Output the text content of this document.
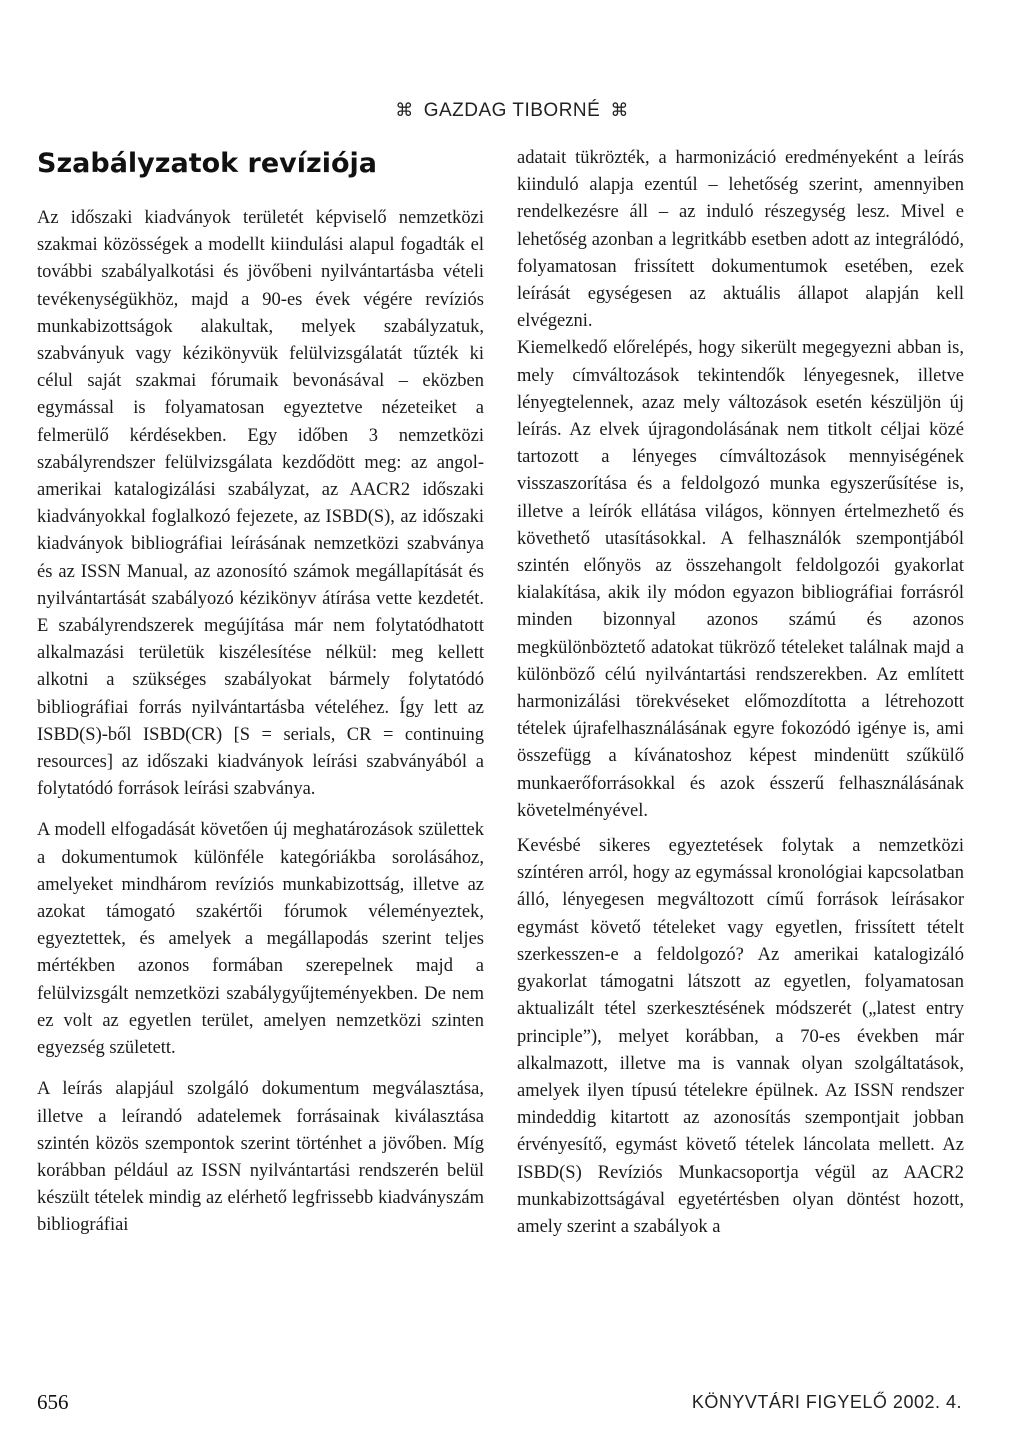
⌘ GAZDAG TIBORNÉ ⌘
Szabályzatok revíziója

Az időszaki kiadványok területét képviselő nemzetközi szakmai közösségek a modellt kiindulási alapul fogadták el további szabályalkotási és jövőbeni nyilvántartásba vételi tevékenységükhöz, majd a 90-es évek végére revíziós munkabizottságok alakultak, melyek szabályzatuk, szabványuk vagy kézikönyvük felülvizsgálatát tűzték ki célul saját szakmai fórumaik bevonásával – eközben egymással is folyamatosan egyeztetve nézeteiket a felmerülő kérdésekben. Egy időben 3 nemzetközi szabályrendszer felülvizsgálata kezdődött meg: az angol-amerikai katalogizálási szabályzat, az AACR2 időszaki kiadványokkal foglalkozó fejezete, az ISBD(S), az időszaki kiadványok bibliográfiai leírásának nemzetközi szabványa és az ISSN Manual, az azonosító számok megállapítását és nyilvántartását szabályozó kézikönyv átírása vette kezdetét. E szabályrendszerek megújítása már nem folytatódhatott alkalmazási területük kiszélesítése nélkül: meg kellett alkotni a szükséges szabályokat bármely folytatódó bibliográfiai forrás nyilvántartásba vételéhez. Így lett az ISBD(S)-ből ISBD(CR) [S = serials, CR = continuing resources] az időszaki kiadványok leírási szabványából a folytatódó források leírási szabványa.

A modell elfogadását követően új meghatározások születtek a dokumentumok különféle kategóriákba sorolásához, amelyeket mindhárom revíziós munkabizottság, illetve az azokat támogató szakértői fórumok véleményeztek, egyeztettek, és amelyek a megállapodás szerint teljes mértékben azonos formában szerepelnek majd a felülvizsgált nemzetközi szabálygyűjteményekben. De nem ez volt az egyetlen terület, amelyen nemzetközi szinten egyezség született.

A leírás alapjául szolgáló dokumentum megválasztása, illetve a leírandó adatelemek forrásainak kiválasztása szintén közös szempontok szerint történhet a jövőben. Míg korábban például az ISSN nyilvántartási rendszerén belül készült tételek mindig az elérhető legfrissebb kiadványszám bibliográfiai

adatait tükrözték, a harmonizáció eredményeként a leírás kiinduló alapja ezentúl – lehetőség szerint, amennyiben rendelkezésre áll – az induló részegység lesz. Mivel e lehetőség azonban a legritkább esetben adott az integrálódó, folyamatosan frissített dokumentumok esetében, ezek leírását egységesen az aktuális állapot alapján kell elvégezni.

Kiemelkedő előrelépés, hogy sikerült megegyezni abban is, mely címváltozások tekintendők lényegesnek, illetve lényegtelennek, azaz mely változások esetén készüljön új leírás. Az elvek újragondolásának nem titkolt céljai közé tartozott a lényeges címváltozások mennyiségének visszaszorítása és a feldolgozó munka egyszerűsítése is, illetve a leírók ellátása világos, könnyen értelmezhető és követhető utasításokkal. A felhasználók szempontjából szintén előnyös az összehangolt feldolgozói gyakorlat kialakítása, akik ily módon egyazon bibliográfiai forrásról minden bizonnyal azonos számú és azonos megkülönböztető adatokat tükröző tételeket találnak majd a különböző célú nyilvántartási rendszerekben. Az említett harmonizálási törekvéseket előmozdította a létrehozott tételek újrafelhasználásának egyre fokozódó igénye is, ami összefügg a kívánatoshoz képest mindenütt szűkülő munkaerőforrásokkal és azok ésszerű felhasználásának követelményével.

Kevésbé sikeres egyeztetések folytak a nemzetközi színtéren arról, hogy az egymással kronológiai kapcsolatban álló, lényegesen megváltozott című források leírásakor egymást követő tételeket vagy egyetlen, frissített tételt szerkesszen-e a feldolgozó? Az amerikai katalogizáló gyakorlat támogatni látszott az egyetlen, folyamatosan aktualizált tétel szerkesztésének módszerét („latest entry principle”), melyet korábban, a 70-es években már alkalmazott, illetve ma is vannak olyan szolgáltatások, amelyek ilyen típusú tételekre épülnek. Az ISSN rendszer mindeddig kitartott az azonosítás szempontjait jobban érvényesítő, egymást követő tételek láncolata mellett. Az ISBD(S) Revíziós Munkacsoportja végül az AACR2 munkabizottságával egyetértésben olyan döntést hozott, amely szerint a szabályok a

656	KÖNYVTÁRI FIGYELŐ 2002. 4.
